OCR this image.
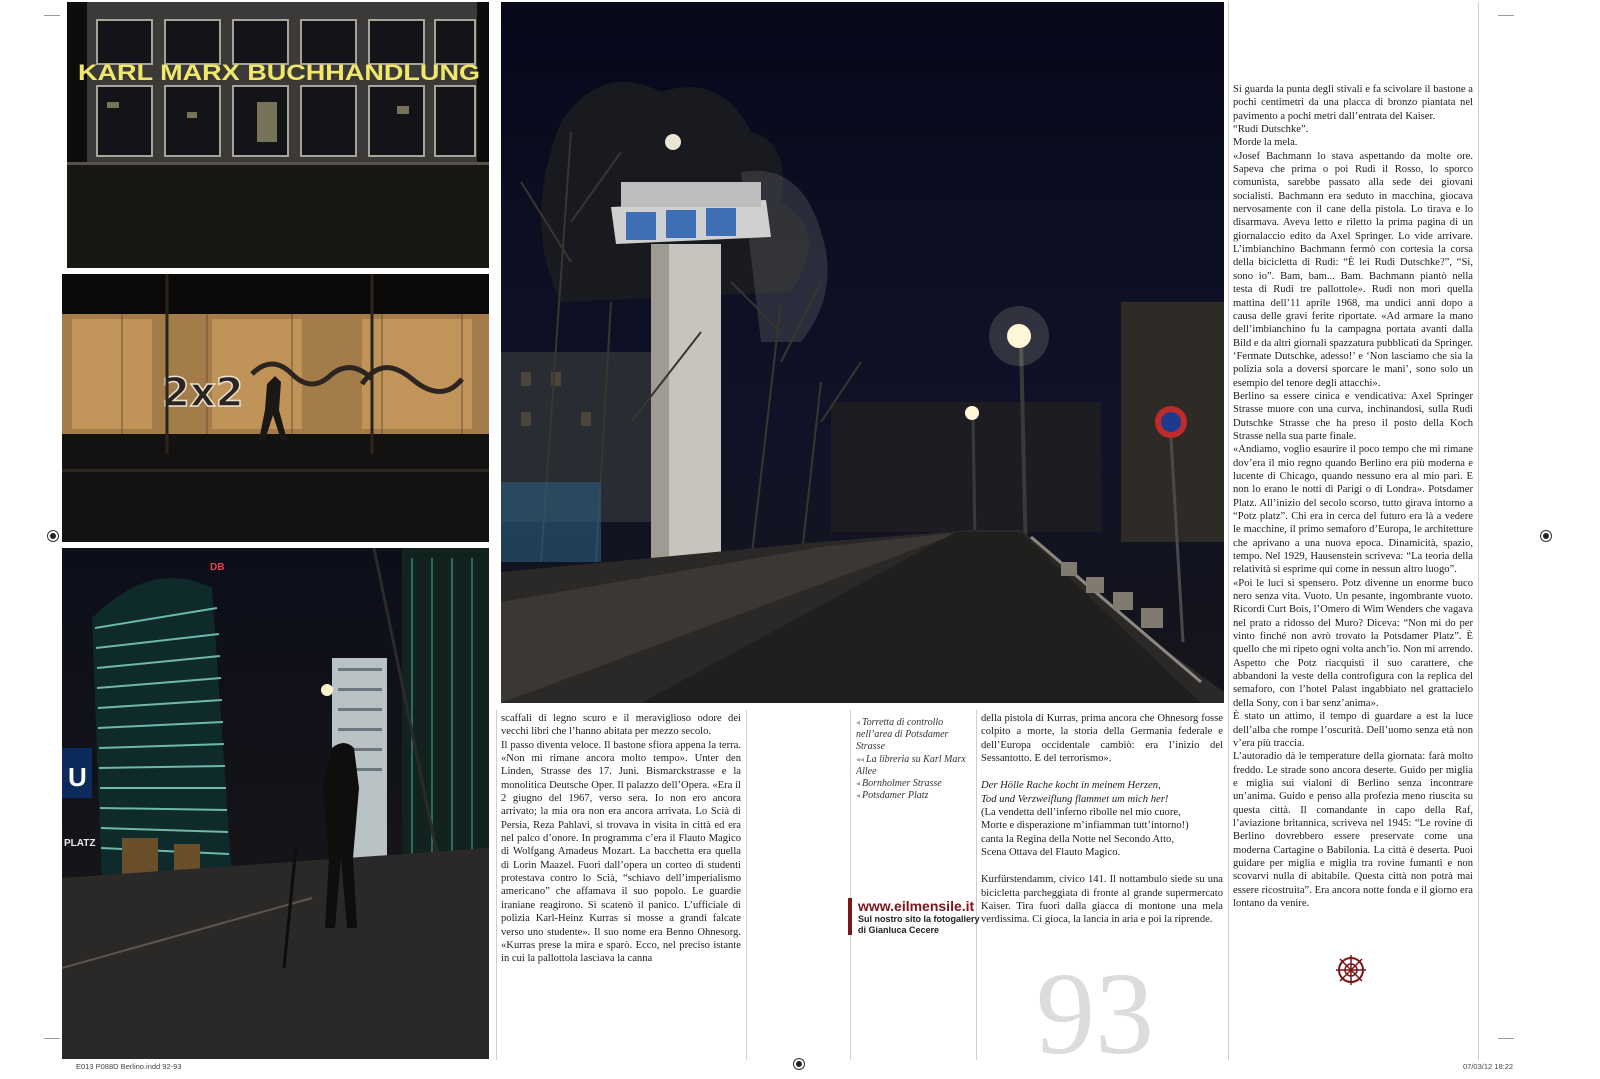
KARL MARX BUCHHANDLUNG
2x2
U
PLATZ
DB

scaffali di legno scuro e il meraviglioso odore dei vecchi libri che l’hanno abitata per mezzo secolo.

Il passo diventa veloce. Il bastone sfiora appena la terra. «Non mi rimane ancora molto tempo». Unter den Linden, Strasse des 17. Juni. Bismarckstrasse e la monolitica Deutsche Oper. Il palazzo dell’Opera. «Era il 2 giugno del 1967, verso sera. Io non ero ancora arrivato; la mia ora non era ancora arrivata. Lo Scià di Persia, Reza Pahlavi, si trovava in visita in città ed era nel palco d’onore. In programma c’era il Flauto Magico di Wolfgang Amadeus Mozart. La bacchetta era quella di Lorin Maazel. Fuori dall’opera un corteo di studenti protestava contro lo Scià, “schiavo dell’imperialismo americano” che affamava il suo popolo. Le guardie iraniane reagirono. Si scatenò il panico. L’ufficiale di polizia Karl-Heinz Kurras si mosse a grandi falcate verso uno studente». Il suo nome era Benno Ohnesorg. «Kurras prese la mira e sparò. Ecco, nel preciso istante in cui la pallottola lasciava la canna

◂ Torretta di controllo nell’area di Potsdamer Strasse
◂◂ La libreria su Karl Marx Allee
◂ Bornholmer Strasse
◂ Potsdamer Platz
www.eilmensile.it
Sul nostro sito la fotogallery
di Gianluca Cecere

della pistola di Kurras, prima ancora che Ohnesorg fosse colpito a morte, la storia della Germania federale e dell’Europa occidentale cambiò: era l’inizio del Sessantotto. E del terrorismo».

Der Hölle Rache kocht in meinem Herzen,

Tod und Verzweiflung flammet um mich her!

(La vendetta dell’inferno ribolle nel mio cuore,

Morte e disperazione m’infiamman tutt’intorno!)

canta la Regina della Notte nel Secondo Atto,

Scena Ottava del Flauto Magico.

Kurfürstendamm, civico 141. Il nottambulo siede su una bicicletta parcheggiata di fronte al grande supermercato Kaiser. Tira fuori dalla giacca di montone una mela verdissima. Ci gioca, la lancia in aria e poi la riprende.

93

Si guarda la punta degli stivali e fa scivolare il bastone a pochi centimetri da una placca di bronzo piantata nel pavimento a pochi metri dall’entrata del Kaiser.

“Rudi Dutschke”.

Morde la mela.

«Josef Bachmann lo stava aspettando da molte ore. Sapeva che prima o poi Rudi il Rosso, lo sporco comunista, sarebbe passato alla sede dei giovani socialisti. Bachmann era seduto in macchina, giocava nervosamente con il cane della pistola. Lo tirava e lo disarmava. Aveva letto e riletto la prima pagina di un giornalaccio edito da Axel Springer. Lo vide arrivare. L’imbianchino Bachmann fermò con cortesia la corsa della bicicletta di Rudi: “È lei Rudi Dutschke?”, “Sì, sono io”. Bam, bam... Bam. Bachmann piantò nella testa di Rudi tre pallottole». Rudi non morì quella mattina dell’11 aprile 1968, ma undici anni dopo a causa delle gravi ferite riportate. «Ad armare la mano dell’imbianchino fu la campagna portata avanti dalla Bild e da altri giornali spazzatura pubblicati da Springer. ‘Fermate Dutschke, adesso!’ e ‘Non lasciamo che sia la polizia sola a doversi sporcare le mani’, sono solo un esempio del tenore degli attacchi».

Berlino sa essere cinica e vendicativa: Axel Springer Strasse muore con una curva, inchinandosi, sulla Rudi Dutschke Strasse che ha preso il posto della Koch Strasse nella sua parte finale.

«Andiamo, voglio esaurire il poco tempo che mi rimane dov’era il mio regno quando Berlino era più moderna e lucente di Chicago, quando nessuno era al mio pari. E non lo erano le notti di Parigi o di Londra». Potsdamer Platz. All’inizio del secolo scorso, tutto girava intorno a “Potz platz”. Chi era in cerca del futuro era là a vedere le macchine, il primo semaforo d’Europa, le architetture che aprivano a una nuova epoca. Dinamicità, spazio, tempo. Nel 1929, Hausenstein scriveva: “La teoria della relatività si esprime qui come in nessun altro luogo”.

«Poi le luci si spensero. Potz divenne un enorme buco nero senza vita. Vuoto. Un pesante, ingombrante vuoto. Ricordi Curt Bois, l’Omero di Wim Wenders che vagava nel prato a ridosso del Muro? Diceva: “Non mi do per vinto finché non avrò trovato la Potsdamer Platz”. È quello che mi ripeto ogni volta anch’io. Non mi arrendo. Aspetto che Potz riacquisti il suo carattere, che abbandoni la veste della controfigura con la replica del semaforo, con l’hotel Palast ingabbiato nel grattacielo della Sony, con i bar senz’anima».

È stato un attimo, il tempo di guardare a est la luce dell’alba che rompe l’oscurità. Dell’uomo senza età non v’era più traccia.

L’autoradio dà le temperature della giornata: farà molto freddo. Le strade sono ancora deserte. Guido per miglia e miglia sui vialoni di Berlino senza incontrare un’anima. Guido e penso alla profezia meno riuscita su questa città. Il comandante in capo della Raf, l’aviazione britannica, scriveva nel 1945: “Le rovine di Berlino dovrebbero essere preservate come una moderna Cartagine o Babilonia. La città è deserta. Puoi guidare per miglia e miglia tra rovine fumanti e non scovarvi nulla di abitabile. Questa città non potrà mai essere ricostruita”. Era ancora notte fonda e il giorno era lontano da venire.

E013 P088D Berlino.indd 92-93	07/03/12 18:22
